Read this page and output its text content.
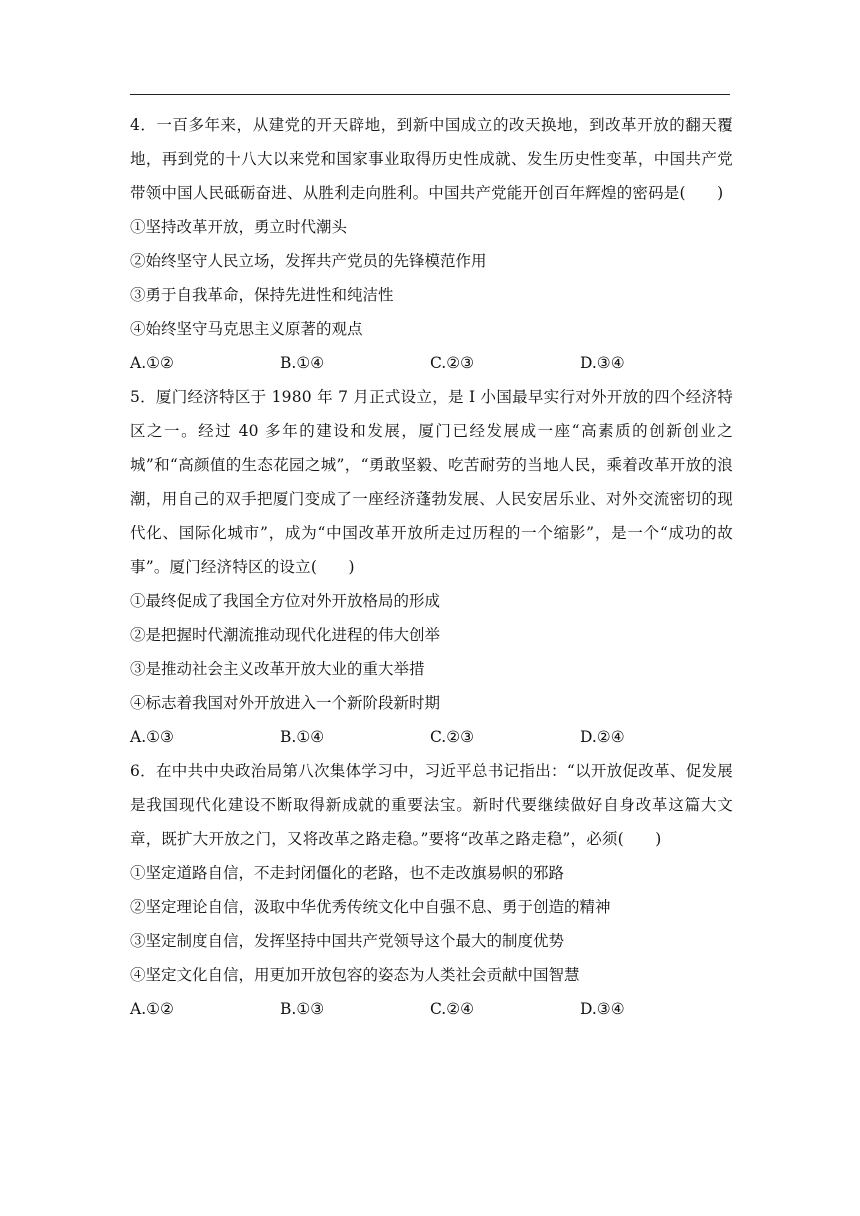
4．一百多年来，从建党的开天辟地，到新中国成立的改天换地，到改革开放的翻天覆地，再到党的十八大以来党和国家事业取得历史性成就、发生历史性变革，中国共产党带领中国人民砥砺奋进、从胜利走向胜利。中国共产党能开创百年辉煌的密码是(　　)

①坚持改革开放，勇立时代潮头

②始终坚守人民立场，发挥共产党员的先锋模范作用

③勇于自我革命，保持先进性和纯洁性

④始终坚守马克思主义原著的观点

A.①②	B.①④	C.②③	D.③④

5．厦门经济特区于 1980 年 7 月正式设立，是 I 小国最早实行对外开放的四个经济特区之一。经过 40 多年的建设和发展，厦门已经发展成一座“高素质的创新创业之城”和“高颜值的生态花园之城”，“勇敢坚毅、吃苦耐劳的当地人民，乘着改革开放的浪潮，用自己的双手把厦门变成了一座经济蓬勃发展、人民安居乐业、对外交流密切的现代化、国际化城市”，成为“中国改革开放所走过历程的一个缩影”，是一个“成功的故事”。厦门经济特区的设立(　　)

①最终促成了我国全方位对外开放格局的形成

②是把握时代潮流推动现代化进程的伟大创举

③是推动社会主义改革开放大业的重大举措

④标志着我国对外开放进入一个新阶段新时期

A.①③	B.①④	C.②③	D.②④

6．在中共中央政治局第八次集体学习中，习近平总书记指出：“以开放促改革、促发展是我国现代化建设不断取得新成就的重要法宝。新时代要继续做好自身改革这篇大文章，既扩大开放之门，又将改革之路走稳。”要将“改革之路走稳”，必须(　　)

①坚定道路自信，不走封闭僵化的老路，也不走改旗易帜的邪路

②坚定理论自信，汲取中华优秀传统文化中自强不息、勇于创造的精神

③坚定制度自信，发挥坚持中国共产党领导这个最大的制度优势

④坚定文化自信，用更加开放包容的姿态为人类社会贡献中国智慧

A.①②	B.①③	C.②④	D.③④
